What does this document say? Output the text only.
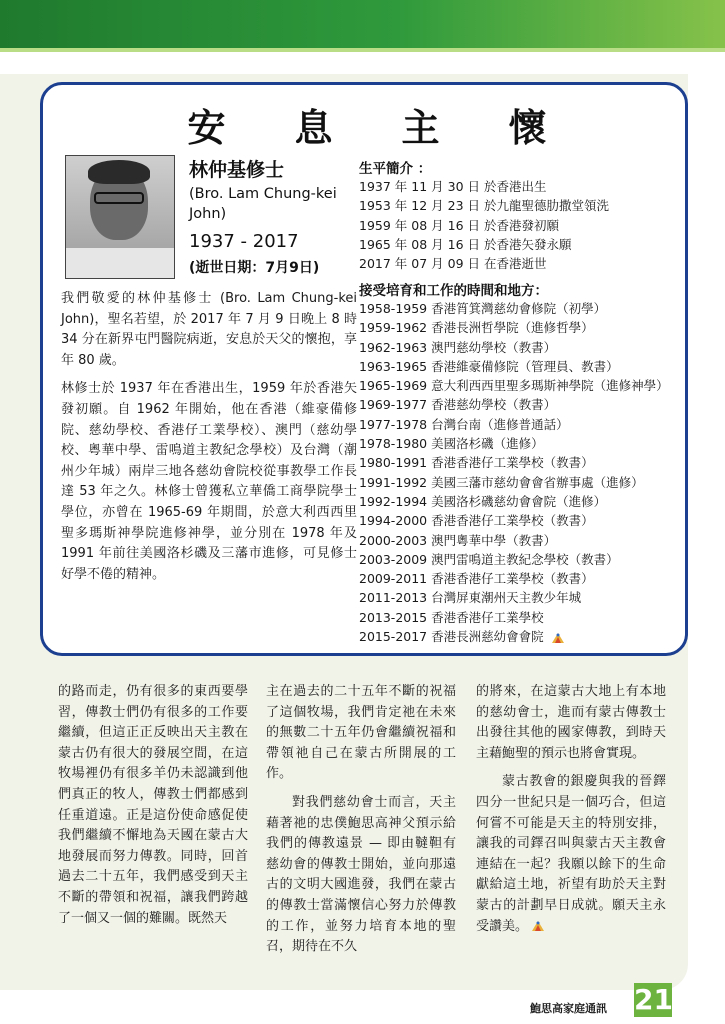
安 息 主 懷
林仲基修士
(Bro. Lam Chung-kei John)
1937 - 2017
(逝世日期：7月9日)

我們敬愛的林仲基修士 (Bro. Lam Chung-kei John)，聖名若望，於 2017 年 7 月 9 日晚上 8 時 34 分在新界屯門醫院病逝，安息於天父的懷抱，享年 80 歲。

林修士於 1937 年在香港出生，1959 年於香港矢發初願。自 1962 年開始，他在香港（維豪備修院、慈幼學校、香港仔工業學校）、澳門（慈幼學校、粵華中學、雷鳴道主教紀念學校）及台灣（潮州少年城）兩岸三地各慈幼會院校從事教學工作長達 53 年之久。林修士曾獲私立華僑工商學院學士學位，亦曾在 1965-69 年期間，於意大利西西里聖多瑪斯神學院進修神學，並分別在 1978 年及 1991 年前往美國洛杉磯及三藩市進修，可見修士好學不倦的精神。

生平簡介 ：
1937 年 11 月 30 日 於香港出生
1953 年 12 月 23 日 於九龍聖德肋撒堂領洗
1959 年 08 月 16 日 於香港發初願
1965 年 08 月 16 日 於香港矢發永願
2017 年 07 月 09 日 在香港逝世
接受培育和工作的時間和地方：
1958-1959 香港筲箕灣慈幼會修院（初學）
1959-1962 香港長洲哲學院（進修哲學）
1962-1963 澳門慈幼學校（教書）
1963-1965 香港維豪備修院（管理員、教書）
1965-1969 意大利西西里聖多瑪斯神學院（進修神學）
1969-1977 香港慈幼學校（教書）
1977-1978 台灣台南（進修普通話）
1978-1980 美國洛杉磯（進修）
1980-1991 香港香港仔工業學校（教書）
1991-1992 美國三藩市慈幼會會省辦事處（進修）
1992-1994 美國洛杉磯慈幼會會院（進修）
1994-2000 香港香港仔工業學校（教書）
2000-2003 澳門粵華中學（教書）
2003-2009 澳門雷鳴道主教紀念學校（教書）
2009-2011 香港香港仔工業學校（教書）
2011-2013 台灣屏東潮州天主教少年城
2013-2015 香港香港仔工業學校
2015-2017 香港長洲慈幼會會院

的路而走，仍有很多的東西要學習，傳教士們仍有很多的工作要繼續，但這正正反映出天主教在蒙古仍有很大的發展空間，在這牧場裡仍有很多羊仍未認識到他們真正的牧人，傳教士們都感到任重道遠。正是這份使命感促使我們繼續不懈地為天國在蒙古大地發展而努力傳教。同時，回首過去二十五年，我們感受到天主不斷的帶領和祝福，讓我們跨越了一個又一個的難關。既然天

主在過去的二十五年不斷的祝福了這個牧場，我們肯定祂在未來的無數二十五年仍會繼續祝福和帶領祂自己在蒙古所開展的工作。

對我們慈幼會士而言，天主藉著祂的忠僕鮑思高神父預示給我們的傳教遠景 — 即由韃靼有慈幼會的傳教士開始，並向那遠古的文明大國進發，我們在蒙古的傳教士當滿懷信心努力於傳教的工作，並努力培育本地的聖召，期待在不久

的將來，在這蒙古大地上有本地的慈幼會士，進而有蒙古傳教士出發往其他的國家傳教，到時天主藉鮑聖的預示也將會實現。

蒙古教會的銀慶與我的晉鐸四分一世紀只是一個巧合，但這何嘗不可能是天主的特別安排，讓我的司鐸召叫與蒙古天主教會連結在一起？我願以餘下的生命獻給這土地，祈望有助於天主對蒙古的計劃早日成就。願天主永受讚美。

鮑思高家庭通訊 21
